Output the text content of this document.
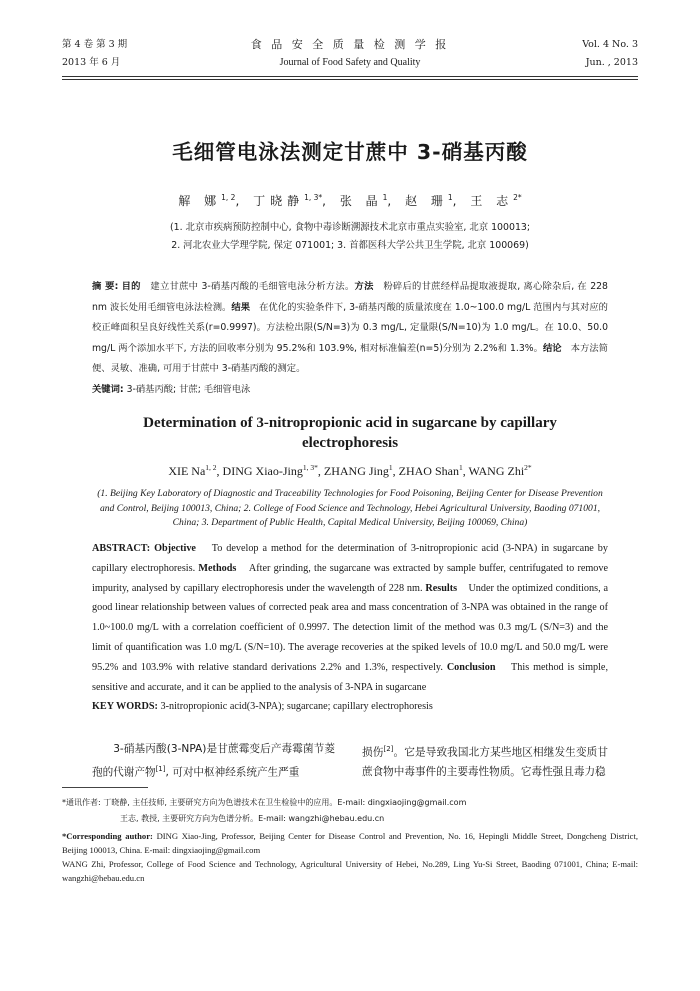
第 4 卷 第 3 期
2013 年 6 月
食 品 安 全 质 量 检 测 学 报
Journal of Food Safety and Quality
Vol. 4 No. 3
Jun. , 2013
毛细管电泳法测定甘蔗中 3-硝基丙酸
解 娜$^{1, 2}$, 丁晓静$^{1, 3*}$, 张 晶$^1$, 赵 珊$^1$, 王 志$^{2*}$
(1. 北京市疾病预防控制中心, 食物中毒诊断溯源技术北京市重点实验室, 北京 100013;
2. 河北农业大学理学院, 保定 071001; 3. 首都医科大学公共卫生学院, 北京 100069)
摘 要: 目的 建立甘蔗中 3-硝基丙酸的毛细管电泳分析方法。方法 粉碎后的甘蔗经样品提取液提取, 离心除杂后, 在 228 nm 波长处用毛细管电泳法检测。结果 在优化的实验条件下, 3-硝基丙酸的质量浓度在 1.0~100.0 mg/L 范围内与其对应的校正峰面积呈良好线性关系(r=0.9997)。方法检出限(S/N=3)为 0.3 mg/L, 定量限(S/N=10)为 1.0 mg/L。在 10.0、50.0 mg/L 两个添加水平下, 方法的回收率分别为 95.2%和 103.9%, 相对标准偏差(n=5)分别为 2.2%和 1.3%。结论 本方法简便、灵敏、准确, 可用于甘蔗中 3-硝基丙酸的测定。
关键词: 3-硝基丙酸; 甘蔗; 毛细管电泳
Determination of 3-nitropropionic acid in sugarcane by capillary electrophoresis
XIE Na$^{1, 2}$, DING Xiao-Jing$^{1, 3*}$, ZHANG Jing$^1$, ZHAO Shan$^1$, WANG Zhi$^{2*}$
(1. Beijing Key Laboratory of Diagnostic and Traceability Technologies for Food Poisoning, Beijing Center for Disease Prevention and Control, Beijing 100013, China; 2. College of Food Science and Technology, Hebei Agricultural University, Baoding 071001, China; 3. Department of Public Health, Capital Medical University, Beijing 100069, China)
ABSTRACT: Objective To develop a method for the determination of 3-nitropropionic acid (3-NPA) in sugarcane by capillary electrophoresis. Methods After grinding, the sugarcane was extracted by sample buffer, centrifugated to remove impurity, analysed by capillary electrophoresis under the wavelength of 228 nm. Results Under the optimized conditions, a good linear relationship between values of corrected peak area and mass concentration of 3-NPA was obtained in the range of 1.0~100.0 mg/L with a correlation coefficient of 0.9997. The detection limit of the method was 0.3 mg/L (S/N=3) and the limit of quantification was 1.0 mg/L (S/N=10). The average recoveries at the spiked levels of 10.0 mg/L and 50.0 mg/L were 95.2% and 103.9% with relative standard derivations 2.2% and 1.3%, respectively. Conclusion This method is simple, sensitive and accurate, and it can be applied to the analysis of 3-NPA in sugarcane
KEY WORDS: 3-nitropropionic acid(3-NPA); sugarcane; capillary electrophoresis
3-硝基丙酸(3-NPA)是甘蔗霉变后产毒霉菌节菱孢的代谢产物[1], 可对中枢神经系统产生严重
损伤[2]。它是导致我国北方某些地区相继发生变质甘蔗食物中毒事件的主要毒性物质。它毒性强且毒力稳
*通讯作者: 丁晓静, 主任技师, 主要研究方向为色谱技术在卫生检验中的应用。E-mail: dingxiaojing@gmail.com
王志, 教授, 主要研究方向为色谱分析。E-mail: wangzhi@hebau.edu.cn
*Corresponding author: DING Xiao-Jing, Professor, Beijing Center for Disease Control and Prevention, No. 16, Hepingli Middle Street, Dongcheng District, Beijing 100013, China. E-mail: dingxiaojing@gmail.com
WANG Zhi, Professor, College of Food Science and Technology, Agricultural University of Hebei, No.289, Ling Yu-Si Street, Baoding 071001, China; E-mail: wangzhi@hebau.edu.cn
